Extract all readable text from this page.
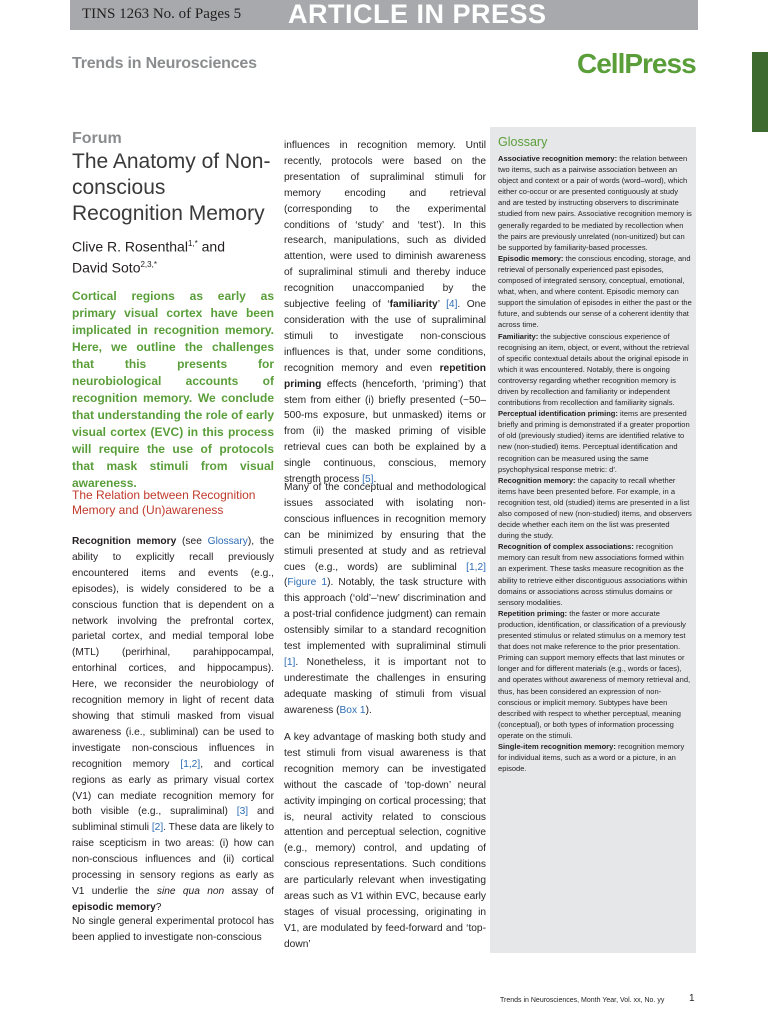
TINS 1263 No. of Pages 5 ARTICLE IN PRESS
Trends in Neurosciences	CellPress
Forum
The Anatomy of Non-conscious Recognition Memory
Clive R. Rosenthal$^{1,*}$ and
David Soto$^{2,3,*}$
Cortical regions as early as primary visual cortex have been implicated in recognition memory. Here, we outline the challenges that this presents for neurobiological accounts of recognition memory. We conclude that understanding the role of early visual cortex (EVC) in this process will require the use of protocols that mask stimuli from visual awareness.
The Relation between Recognition Memory and (Un)awareness
Recognition memory (see Glossary), the ability to explicitly recall previously encountered items and events (e.g., episodes), is widely considered to be a conscious function that is dependent on a network involving the prefrontal cortex, parietal cortex, and medial temporal lobe (MTL) (perirhinal, parahippocampal, entorhinal cortices, and hippocampus). Here, we reconsider the neurobiology of recognition memory in light of recent data showing that stimuli masked from visual awareness (i.e., subliminal) can be used to investigate non-conscious influences in recognition memory [1,2], and cortical regions as early as primary visual cortex (V1) can mediate recognition memory for both visible (e.g., supraliminal) [3] and subliminal stimuli [2]. These data are likely to raise scepticism in two areas: (i) how can non-conscious influences and (ii) cortical processing in sensory regions as early as V1 underlie the sine qua non assay of episodic memory?
No single general experimental protocol has been applied to investigate non-conscious
influences in recognition memory. Until recently, protocols were based on the presentation of supraliminal stimuli for memory encoding and retrieval (corresponding to the experimental conditions of ‘study’ and ‘test’). In this research, manipulations, such as divided attention, were used to diminish awareness of supraliminal stimuli and thereby induce recognition unaccompanied by the subjective feeling of ‘familiarity’ [4]. One consideration with the use of supraliminal stimuli to investigate non-conscious influences is that, under some conditions, recognition memory and even repetition priming effects (henceforth, ‘priming’) that stem from either (i) briefly presented (~50–500-ms exposure, but unmasked) items or from (ii) the masked priming of visible retrieval cues can both be explained by a single continuous, conscious, memory strength process [5].
Many of the conceptual and methodological issues associated with isolating non-conscious influences in recognition memory can be minimized by ensuring that the stimuli presented at study and as retrieval cues (e.g., words) are subliminal [1,2] (Figure 1). Notably, the task structure with this approach (‘old’–‘new’ discrimination and a post-trial confidence judgment) can remain ostensibly similar to a standard recognition test implemented with supraliminal stimuli [1]. Nonetheless, it is important not to underestimate the challenges in ensuring adequate masking of stimuli from visual awareness (Box 1).
A key advantage of masking both study and test stimuli from visual awareness is that recognition memory can be investigated without the cascade of ‘top-down’ neural activity impinging on cortical processing; that is, neural activity related to conscious attention and perceptual selection, cognitive (e.g., memory) control, and updating of conscious representations. Such conditions are particularly relevant when investigating areas such as V1 within EVC, because early stages of visual processing, originating in V1, are modulated by feed-forward and ‘top-down’
Glossary
Associative recognition memory: the relation between two items, such as a pairwise association between an object and context or a pair of words (word–word), which either co-occur or are presented contiguously at study and are tested by instructing observers to discriminate studied from new pairs. Associative recognition memory is generally regarded to be mediated by recollection when the pairs are previously unrelated (non-unitized) but can be supported by familiarity-based processes.
Episodic memory: the conscious encoding, storage, and retrieval of personally experienced past episodes, composed of integrated sensory, conceptual, emotional, what, when, and where content. Episodic memory can support the simulation of episodes in either the past or the future, and subtends our sense of a coherent identity that across time.
Familiarity: the subjective conscious experience of recognising an item, object, or event, without the retrieval of specific contextual details about the original episode in which it was encountered. Notably, there is ongoing controversy regarding whether recognition memory is driven by recollection and familiarity or independent contributions from recollection and familiarity signals.
Perceptual identification priming: items are presented briefly and priming is demonstrated if a greater proportion of old (previously studied) items are identified relative to new (non-studied) items. Perceptual identification and recognition can be measured using the same psychophysical response metric: d′.
Recognition memory: the capacity to recall whether items have been presented before. For example, in a recognition test, old (studied) items are presented in a list also composed of new (non-studied) items, and observers decide whether each item on the list was presented during the study.
Recognition of complex associations: recognition memory can result from new associations formed within an experiment. These tasks measure recognition as the ability to retrieve either discontiguous associations within domains or associations across stimulus domains or sensory modalities.
Repetition priming: the faster or more accurate production, identification, or classification of a previously presented stimulus or related stimulus on a memory test that does not make reference to the prior presentation. Priming can support memory effects that last minutes or longer and for different materials (e.g., words or faces), and operates without awareness of memory retrieval and, thus, has been considered an expression of non-conscious or implicit memory. Subtypes have been described with respect to whether perceptual, meaning (conceptual), or both types of information processing operate on the stimuli.
Single-item recognition memory: recognition memory for individual items, such as a word or a picture, in an episode.
Trends in Neurosciences, Month Year, Vol. xx, No. yy 1
